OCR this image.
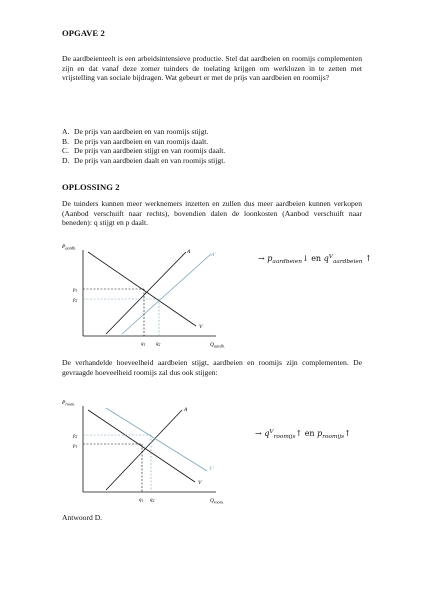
OPGAVE 2
De aardbeienteelt is een arbeidsintensieve productie. Stel dat aardbeien en roomijs complementen zijn en dat vanaf deze zomer tuinders de toelating krijgen om werklozen in te zetten met vrijstelling van sociale bijdragen. Wat gebeurt er met de prijs van aardbeien en roomijs?
A. De prijs van aardbeien en van roomijs stijgt.
B. De prijs van aardbeien en van roomijs daalt.
C. De prijs van aardbeien stijgt en van roomijs daalt.
D. De prijs van aardbeien daalt en van roomijs stijgt.
OPLOSSING 2
De tuinders kunnen meer werknemers inzetten en zullen dus meer aardbeien kunnen verkopen (Aanbod verschuift naar rechts), bovendien dalen de loonkosten (Aanbod verschuift naar beneden): q stijgt en p daalt.
$P_{aardb.}$
$Q_{aardb.}$
A	A'
V
$p_1$
$p_2$
$q_1$ $q_2$
→ $p_{aardbeien}↓$ en $q^V_{aardbeien}$ ↑
De verhandelde hoeveelheid aardbeien stijgt, aardbeien en roomijs zijn complementen. De gevraagde hoeveelheid roomijs zal dus ook stijgen:
$P_{room.}$
$Q_{room.}$
A
V
V'
$p_2$
$p_1$
$q_1$ $q_2$
→ $q^V_{roomijs}↑$ en $p_{roomijs}↑$
Antwoord D.
